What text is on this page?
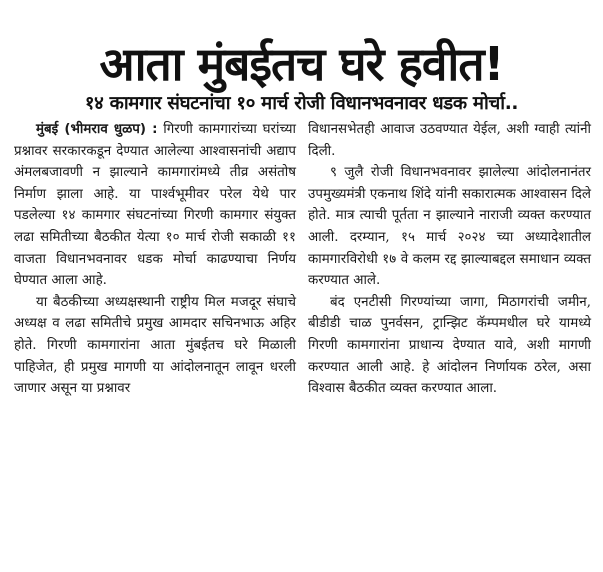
आता मुंबईतच घरे हवीत!
१४ कामगार संघटनांचा १० मार्च रोजी विधानभवनावर धडक मोर्चा..

मुंबई (भीमराव धुळप) : गिरणी कामगारांच्या घरांच्या प्रश्नावर सरकारकडून देण्यात आलेल्या आश्वासनांची अद्याप अंमलबजावणी न झाल्याने कामगारांमध्ये तीव्र असंतोष निर्माण झाला आहे. या पार्श्वभूमीवर परेल येथे पार पडलेल्या १४ कामगार संघटनांच्या गिरणी कामगार संयुक्त लढा समितीच्या बैठकीत येत्या १० मार्च रोजी सकाळी ११ वाजता विधानभवनावर धडक मोर्चा काढण्याचा निर्णय घेण्यात आला आहे.

या बैठकीच्या अध्यक्षस्थानी राष्ट्रीय मिल मजदूर संघाचे अध्यक्ष व लढा समितीचे प्रमुख आमदार सचिनभाऊ अहिर होते. गिरणी कामगारांना आता मुंबईतच घरे मिळाली पाहिजेत, ही प्रमुख मागणी या आंदोलनातून लावून धरली जाणार असून या प्रश्नावर

विधानसभेतही आवाज उठवण्यात येईल, अशी ग्वाही त्यांनी दिली.

९ जुलै रोजी विधानभवनावर झालेल्या आंदोलनानंतर उपमुख्यमंत्री एकनाथ शिंदे यांनी सकारात्मक आश्वासन दिले होते. मात्र त्याची पूर्तता न झाल्याने नाराजी व्यक्त करण्यात आली. दरम्यान, १५ मार्च २०२४ च्या अध्यादेशातील कामगारविरोधी १७ वे कलम रद्द झाल्याबद्दल समाधान व्यक्त करण्यात आले.

बंद एनटीसी गिरण्यांच्या जागा, मिठागरांची जमीन, बीडीडी चाळ पुनर्वसन, ट्रान्झिट कॅम्पमधील घरे यामध्ये गिरणी कामगारांना प्राधान्य देण्यात यावे, अशी मागणी करण्यात आली आहे. हे आंदोलन निर्णायक ठरेल, असा विश्वास बैठकीत व्यक्त करण्यात आला.
